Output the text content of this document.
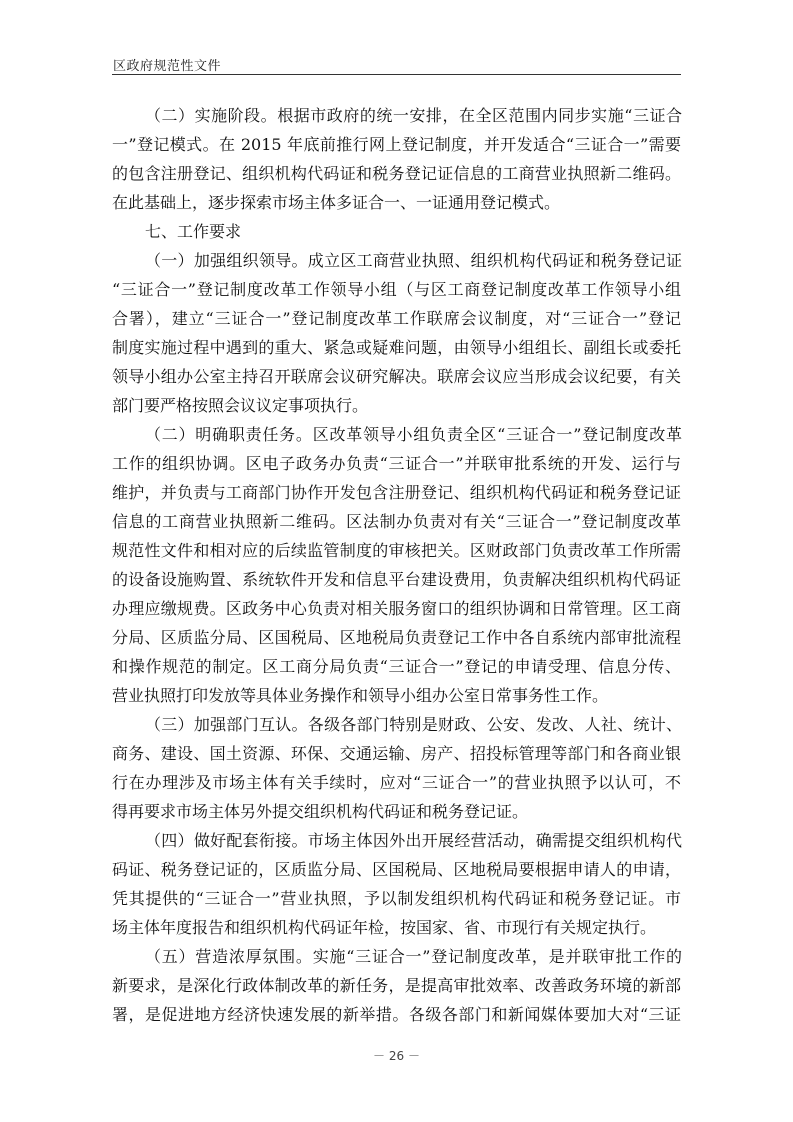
区政府规范性文件
（二）实施阶段。根据市政府的统一安排，在全区范围内同步实施“三证合
一”登记模式。在 2015 年底前推行网上登记制度，并开发适合“三证合一”需要
的包含注册登记、组织机构代码证和税务登记证信息的工商营业执照新二维码。
在此基础上，逐步探索市场主体多证合一、一证通用登记模式。
七、工作要求
（一）加强组织领导。成立区工商营业执照、组织机构代码证和税务登记证
“三证合一”登记制度改革工作领导小组（与区工商登记制度改革工作领导小组
合署），建立“三证合一”登记制度改革工作联席会议制度，对“三证合一”登记
制度实施过程中遇到的重大、紧急或疑难问题，由领导小组组长、副组长或委托
领导小组办公室主持召开联席会议研究解决。联席会议应当形成会议纪要，有关
部门要严格按照会议议定事项执行。
（二）明确职责任务。区改革领导小组负责全区“三证合一”登记制度改革
工作的组织协调。区电子政务办负责“三证合一”并联审批系统的开发、运行与
维护，并负责与工商部门协作开发包含注册登记、组织机构代码证和税务登记证
信息的工商营业执照新二维码。区法制办负责对有关“三证合一”登记制度改革
规范性文件和相对应的后续监管制度的审核把关。区财政部门负责改革工作所需
的设备设施购置、系统软件开发和信息平台建设费用，负责解决组织机构代码证
办理应缴规费。区政务中心负责对相关服务窗口的组织协调和日常管理。区工商
分局、区质监分局、区国税局、区地税局负责登记工作中各自系统内部审批流程
和操作规范的制定。区工商分局负责“三证合一”登记的申请受理、信息分传、
营业执照打印发放等具体业务操作和领导小组办公室日常事务性工作。
（三）加强部门互认。各级各部门特别是财政、公安、发改、人社、统计、
商务、建设、国土资源、环保、交通运输、房产、招投标管理等部门和各商业银
行在办理涉及市场主体有关手续时，应对“三证合一”的营业执照予以认可，不
得再要求市场主体另外提交组织机构代码证和税务登记证。
（四）做好配套衔接。市场主体因外出开展经营活动，确需提交组织机构代
码证、税务登记证的，区质监分局、区国税局、区地税局要根据申请人的申请，
凭其提供的“三证合一”营业执照，予以制发组织机构代码证和税务登记证。市
场主体年度报告和组织机构代码证年检，按国家、省、市现行有关规定执行。
（五）营造浓厚氛围。实施“三证合一”登记制度改革，是并联审批工作的
新要求，是深化行政体制改革的新任务，是提高审批效率、改善政务环境的新部
署，是促进地方经济快速发展的新举措。各级各部门和新闻媒体要加大对“三证
－ 26 －
